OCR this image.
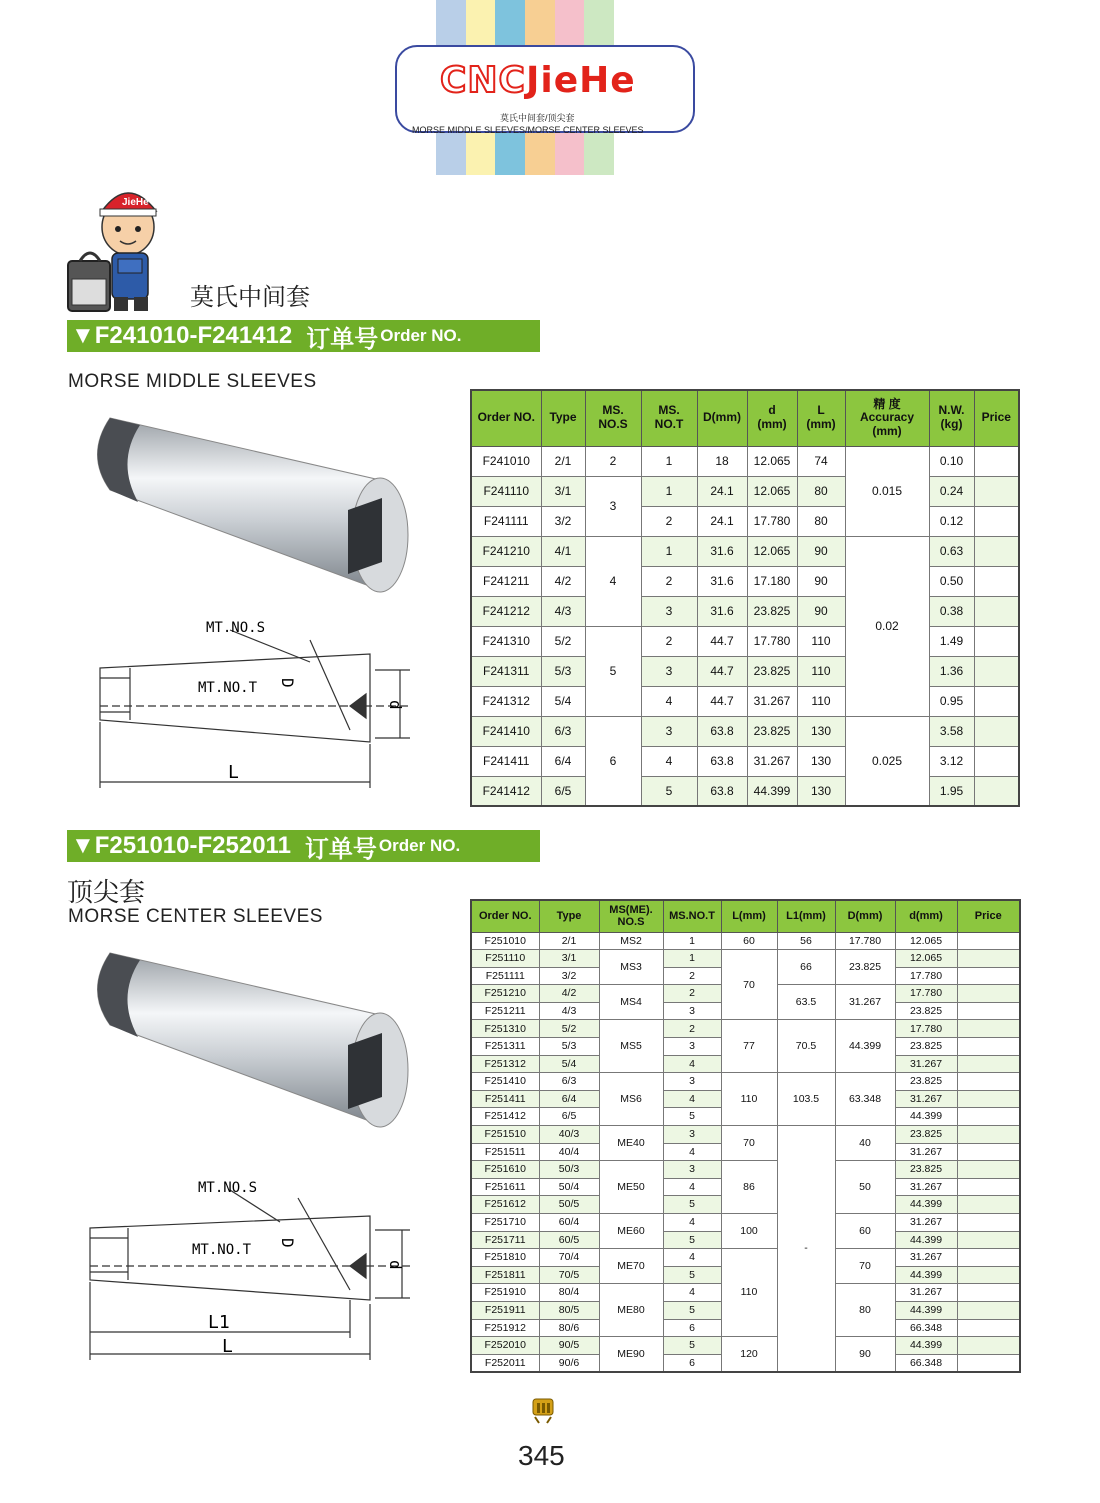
CNCJieHe
莫氏中间套/顶尖套
MORSE MIDDLE SLEEVES/MORSE CENTER SLEEVES
JieHe
莫氏中间套
▼F241010-F241412 订单号 Order NO.
MORSE MIDDLE SLEEVES
MT.NO.S
MT.NO.T D
d
L
Order NO.	Type	MS.
NO.S	MS.
NO.T	D(mm)	d
(mm)	L
(mm)	精 度
Accuracy
(mm)	N.W.
(kg)	Price
F241010	2/1	2	1	18	12.065	74	0.015	0.10	
F241110	3/1	3	1	24.1	12.065	80		0.24	
F241111	3/2		2	24.1	17.780	80		0.12	
F241210	4/1	4	1	31.6	12.065	90	0.02	0.63	
F241211	4/2		2	31.6	17.180	90		0.50	
F241212	4/3		3	31.6	23.825	90		0.38	
F241310	5/2	5	2	44.7	17.780	110		1.49	
F241311	5/3		3	44.7	23.825	110		1.36	
F241312	5/4		4	44.7	31.267	110		0.95	
F241410	6/3	6	3	63.8	23.825	130	0.025	3.58	
F241411	6/4		4	63.8	31.267	130		3.12	
F241412	6/5		5	63.8	44.399	130		1.95	
▼F251010-F252011 订单号 Order NO.
顶尖套
MORSE CENTER SLEEVES
MT.NO.S
MT.NO.T D
d
L1
L
Order NO.	Type	MS(ME).
NO.S	MS.NO.T	L(mm)	L1(mm)	D(mm)	d(mm)	Price
F251010	2/1	MS2	1	60	56	17.780	12.065	
F251110	3/1	MS3	1	70	66	23.825	12.065	
F251111	3/2		2				17.780	
F251210	4/2	MS4	2		63.5	31.267	17.780	
F251211	4/3		3				23.825	
F251310	5/2	MS5	2	77	70.5	44.399	17.780	
F251311	5/3		3				23.825	
F251312	5/4		4				31.267	
F251410	6/3	MS6	3	110	103.5	63.348	23.825	
F251411	6/4		4				31.267	
F251412	6/5		5				44.399	
F251510	40/3	ME40	3	70	-	40	23.825	
F251511	40/4		4				31.267	
F251610	50/3	ME50	3	86		50	23.825	
F251611	50/4		4				31.267	
F251612	50/5		5				44.399	
F251710	60/4	ME60	4	100		60	31.267	
F251711	60/5		5				44.399	
F251810	70/4	ME70	4	110		70	31.267	
F251811	70/5		5				44.399	
F251910	80/4	ME80	4			80	31.267	
F251911	80/5		5				44.399	
F251912	80/6		6				66.348	
F252010	90/5	ME90	5	120		90	44.399	
F252011	90/6		6				66.348	
345
